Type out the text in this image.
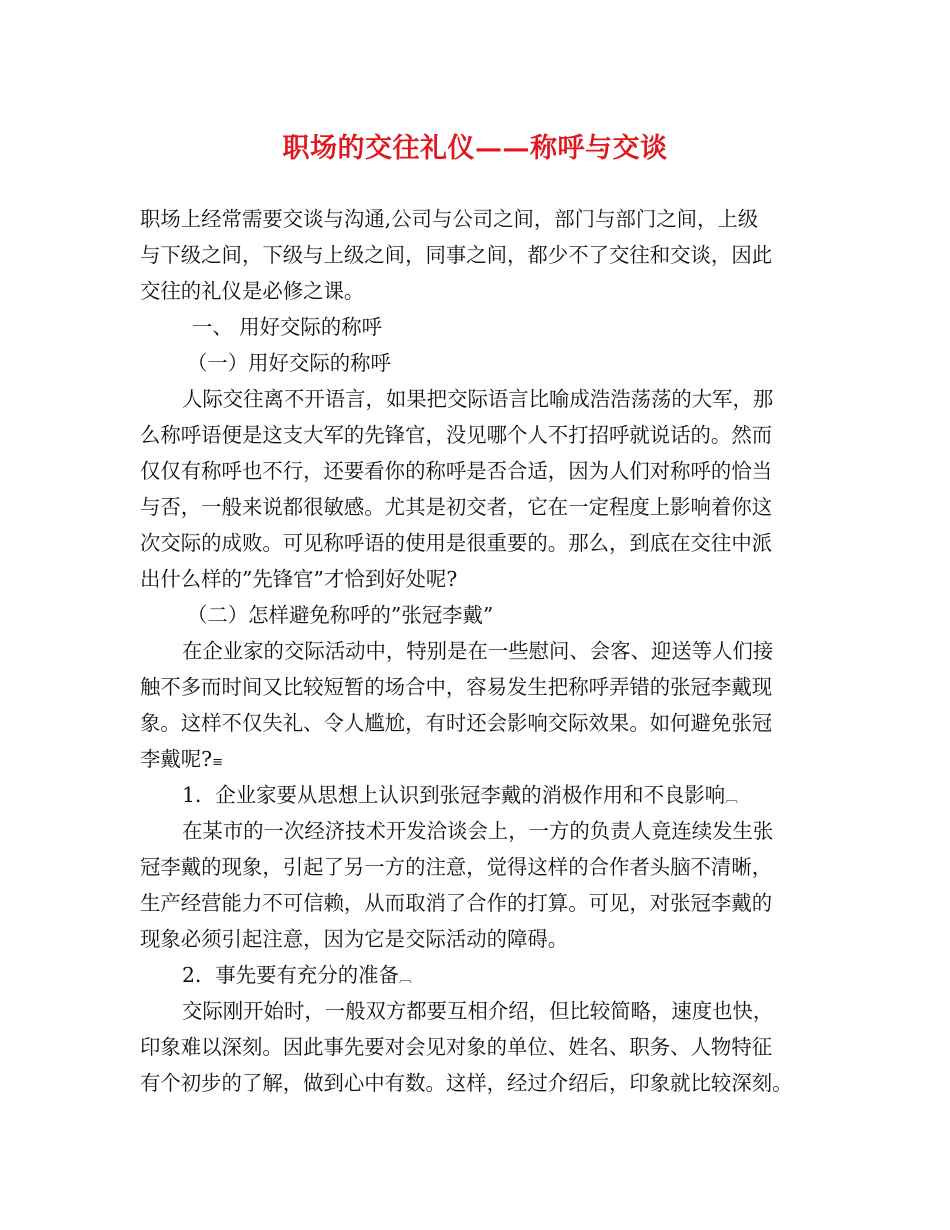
职场的交往礼仪——称呼与交谈
职场上经常需要交谈与沟通,公司与公司之间，部门与部门之间，上级
与下级之间，下级与上级之间，同事之间，都少不了交往和交谈，因此
交往的礼仪是必修之课。
一、 用好交际的称呼
（一）用好交际的称呼
人际交往离不开语言，如果把交际语言比喻成浩浩荡荡的大军，那
么称呼语便是这支大军的先锋官，没见哪个人不打招呼就说话的。然而
仅仅有称呼也不行，还要看你的称呼是否合适，因为人们对称呼的恰当
与否，一般来说都很敏感。尤其是初交者，它在一定程度上影响着你这
次交际的成败。可见称呼语的使用是很重要的。那么，到底在交往中派
出什么样的”先锋官”才恰到好处呢?
（二）怎样避免称呼的”张冠李戴”
在企业家的交际活动中，特别是在一些慰问、会客、迎送等人们接
触不多而时间又比较短暂的场合中，容易发生把称呼弄错的张冠李戴现
象。这样不仅失礼、令人尴尬，有时还会影响交际效果。如何避免张冠
李戴呢?≡
1．企业家要从思想上认识到张冠李戴的消极作用和不良影响︹
在某市的一次经济技术开发洽谈会上，一方的负责人竟连续发生张
冠李戴的现象，引起了另一方的注意，觉得这样的合作者头脑不清晰，
生产经营能力不可信赖，从而取消了合作的打算。可见，对张冠李戴的
现象必须引起注意，因为它是交际活动的障碍。
2．事先要有充分的准备︹
交际刚开始时，一般双方都要互相介绍，但比较简略，速度也快，
印象难以深刻。因此事先要对会见对象的单位、姓名、职务、人物特征
有个初步的了解，做到心中有数。这样，经过介绍后，印象就比较深刻。
